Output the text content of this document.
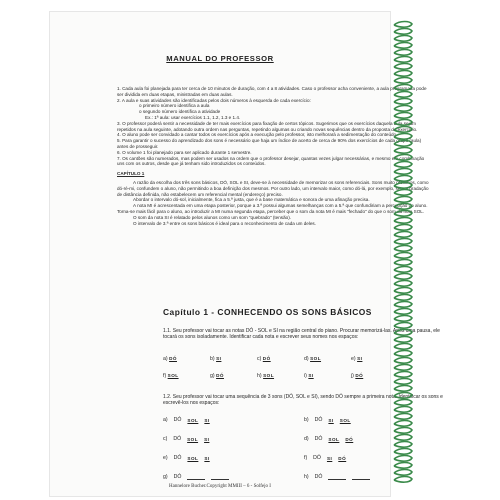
MANUAL DO PROFESSOR

1. Cada aula foi planejada para ter cerca de 10 minutos de duração, com 4 a 8 atividades. Caso o professor acha conveniente, a aula programada pode ser dividida em duas etapas, ministradas em duas aulas.

2. A aula e suas atividades são identificadas pelos dois números à esquerda de cada exercício:

o primeiro número identifica a aula

o segundo número identifica a atividade

Ex.: 1ª aula: usar exercícios 1.1, 1.2, 1.3 e 1.4.

3. O professor poderá sentir a necessidade de ter mais exercícios para fixação de certos tópicos. Sugerimos que os exercícios daquela aula sejam repetidos na aula seguinte, adotando outra ordem nas perguntas, repetindo algumas ou criando novas sequências dentro da proposta do exercício.

4. O aluno pode ser convidado a cantar todos os exercícios após a execução pelo professor, isto melhorará a sedimentação do conteúdo.

5. Para garantir o sucesso do aprendizado dos sons é necessário que haja um índice de acerto de cerca de 90% dos exercícios de cada grupo (aula) antes de prosseguir.

6. O volume 1 foi planejado para ser aplicado durante 1 semestre.

7. Os cantões são numerados, mas podem ser usados na ordem que o professor desejar, quantas vezes julgar necessárias, e mesmo em combinação uns com os outros, desde que já tenham sido introduzidos os conteúdos.

CAPÍTULO 1

A razão da escolha dos três sons básicos, DÓ, SOL e SI, deve-se à necessidade de memorizar os sons referenciais. Sons muito próximos, como dó-ré-mi, confundem o aluno, não permitindo a boa definição dos mesmos. Por outro lado, um intervalo maior, como dó-lá, por exemplo, sem a gradação de distância definida, não estabelecem um referencial mental (endereço) preciso.

Abordar o intervalo dó-sol, inicialmente, fica a 5.ª justa, que é a base matemática e sonora de uma afinação precisa.

A nota MI é acrescentada em uma etapa posterior, porque a 3.ª possui algumas semelhanças com a 5.ª que confundiriam a percepção do aluno. Torna-se mais fácil para o aluno, ao introduzir a MI numa segunda etapa, perceber que o som da nota MI é mais "fechado" do que o som da nota SOL.

O som da nota SI é relatado pelos alunos como um som "quebrado" (tensão).

O intervalo de 3.ª entre os sons básicos é ideal para o reconhecimento de cada um deles.

Capítulo 1 - CONHECENDO OS SONS BÁSICOS
1.1. Seu professor vai tocar as notas DÓ - SOL e SI na região central do piano. Procurar memorizá-las. Após uma pausa, ele tocará os sons isoladamente. Identificar cada nota e escrever seus nomes nos espaços:
a) DÓ	b) SI	c) DÓ	d) SOL	e) SI
f) SOL	g) DÓ	h) SOL	i) SI	j) DÓ
1.2. Seu professor vai tocar uma sequência de 3 sons (DÓ, SOL e SI), sendo DÓ sempre a primeira nota. Identificar os sons e escrevê-los nos espaços:
a) DÓ SOL SI	b) DÓ SI SOL
c) DÓ SOL SI	d) DÓ SOL DÓ
e) DÓ SOL SI	f) DÓ SI DÓ
g) DÓ	h) DÓ
Hannelore Bucher.Copyright MMIII – 6 - Solfejo I
